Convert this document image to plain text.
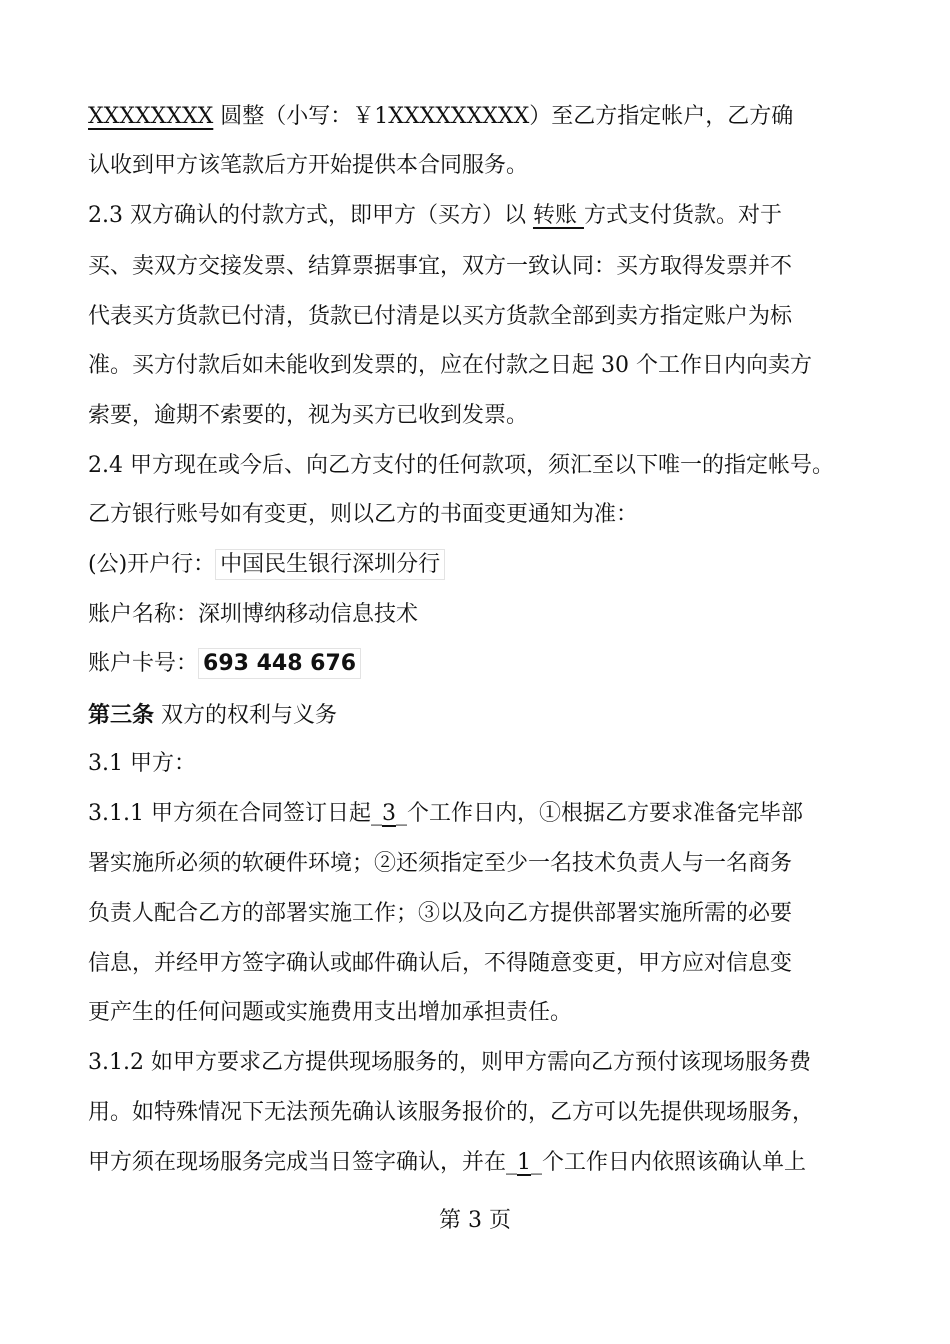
XXXXXXXX 圆整（小写：￥1XXXXXXXXX）至乙方指定帐户，乙方确
认收到甲方该笔款后方开始提供本合同服务。
2.3 双方确认的付款方式，即甲方（买方）以 转账 方式支付货款。对于
买、卖双方交接发票、结算票据事宜，双方一致认同：买方取得发票并不
代表买方货款已付清，货款已付清是以买方货款全部到卖方指定账户为标
准。买方付款后如未能收到发票的，应在付款之日起 30 个工作日内向卖方
索要，逾期不索要的，视为买方已收到发票。
2.4 甲方现在或今后、向乙方支付的任何款项，须汇至以下唯一的指定帐号。
乙方银行账号如有变更，则以乙方的书面变更通知为准：
(公)开户行： 中国民生银行深圳分行
账户名称：深圳博纳移动信息技术
账户卡号： 693 448 676
第三条 双方的权利与义务
3.1 甲方：
3.1.1 甲方须在合同签订日起_3_个工作日内，①根据乙方要求准备完毕部
署实施所必须的软硬件环境；②还须指定至少一名技术负责人与一名商务
负责人配合乙方的部署实施工作；③以及向乙方提供部署实施所需的必要
信息，并经甲方签字确认或邮件确认后，不得随意变更，甲方应对信息变
更产生的任何问题或实施费用支出增加承担责任。
3.1.2 如甲方要求乙方提供现场服务的，则甲方需向乙方预付该现场服务费
用。如特殊情况下无法预先确认该服务报价的，乙方可以先提供现场服务，
甲方须在现场服务完成当日签字确认，并在_1_个工作日内依照该确认单上
第 3 页
